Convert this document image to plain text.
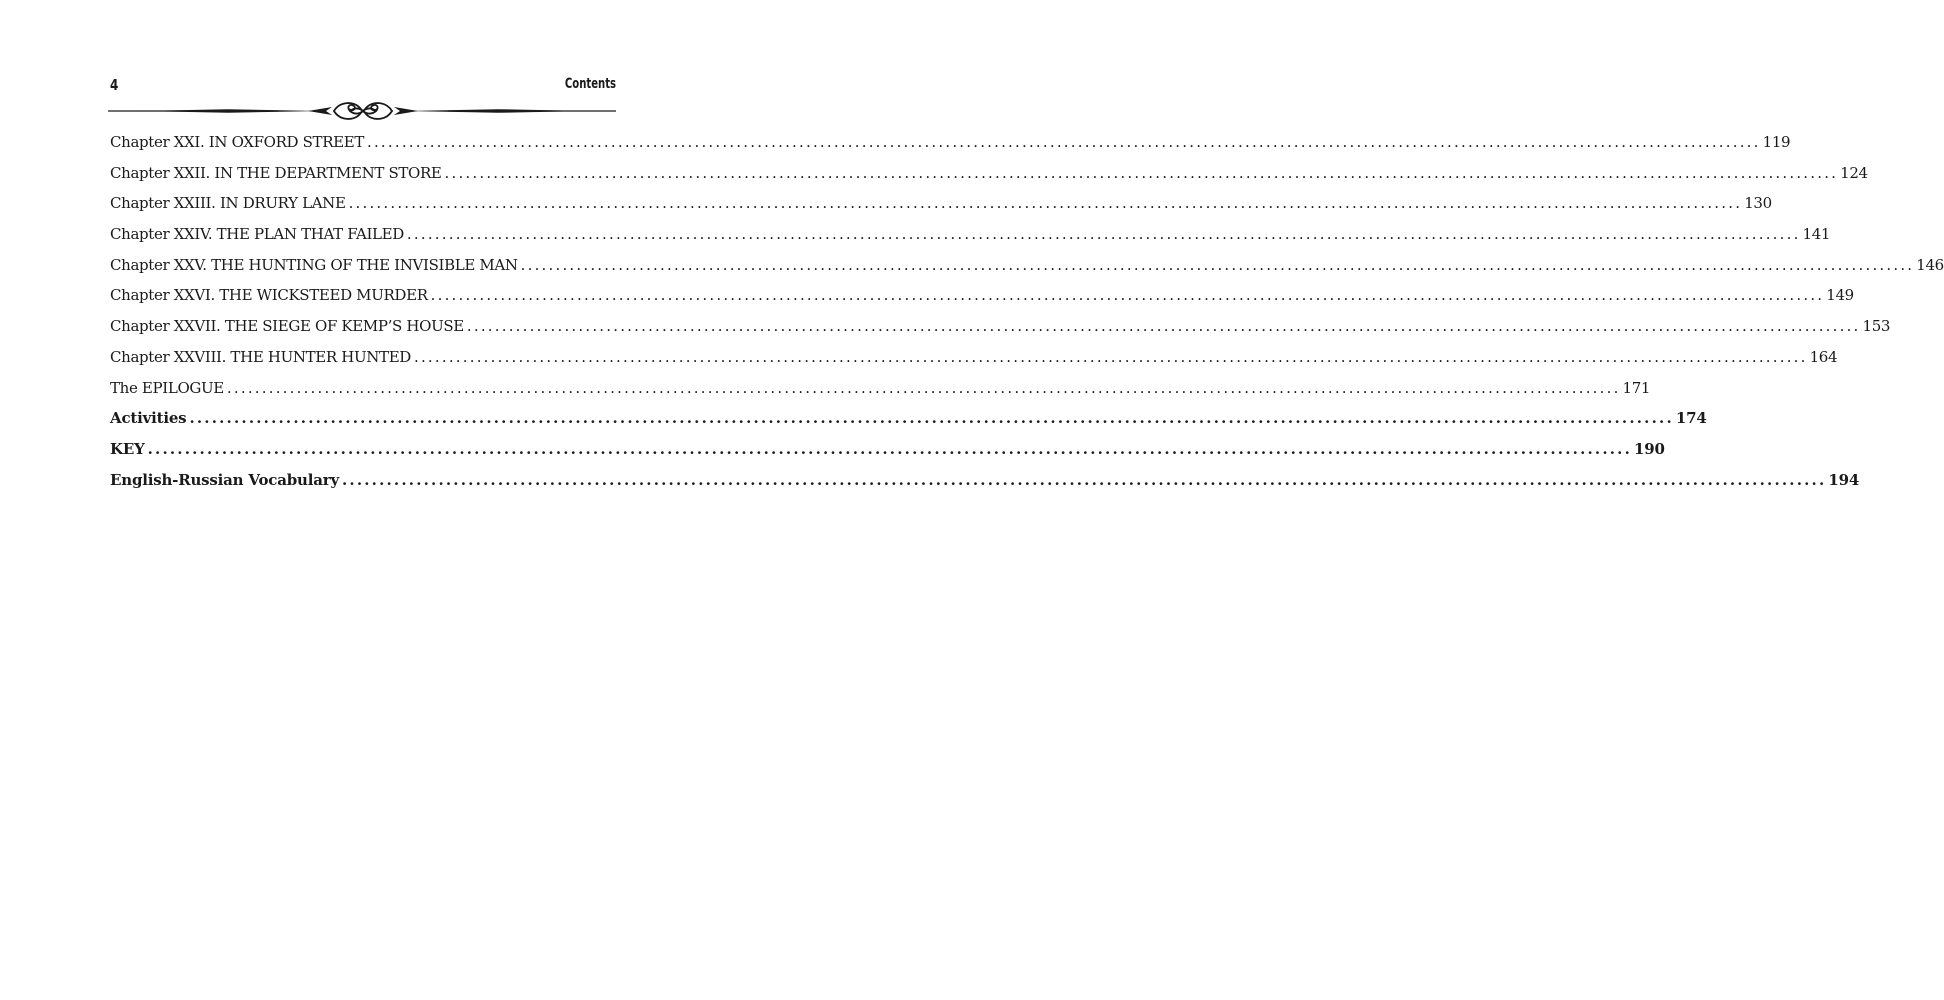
4	Contents
Chapter XXI. IN OXFORD STREET ........................................................................................................................................................................................................ 119
Chapter XXII. IN THE DEPARTMENT STORE ........................................................................................................................................................................................................ 124
Chapter XXIII. IN DRURY LANE ........................................................................................................................................................................................................ 130
Chapter XXIV. THE PLAN THAT FAILED ........................................................................................................................................................................................................ 141
Chapter XXV. THE HUNTING OF THE INVISIBLE MAN ........................................................................................................................................................................................................ 146
Chapter XXVI. THE WICKSTEED MURDER ........................................................................................................................................................................................................ 149
Chapter XXVII. THE SIEGE OF KEMP’S HOUSE ........................................................................................................................................................................................................ 153
Chapter XXVIII. THE HUNTER HUNTED ........................................................................................................................................................................................................ 164
The EPILOGUE ........................................................................................................................................................................................................ 171
Activities ........................................................................................................................................................................................................ 174
KEY ........................................................................................................................................................................................................ 190
English-Russian Vocabulary ........................................................................................................................................................................................................ 194
